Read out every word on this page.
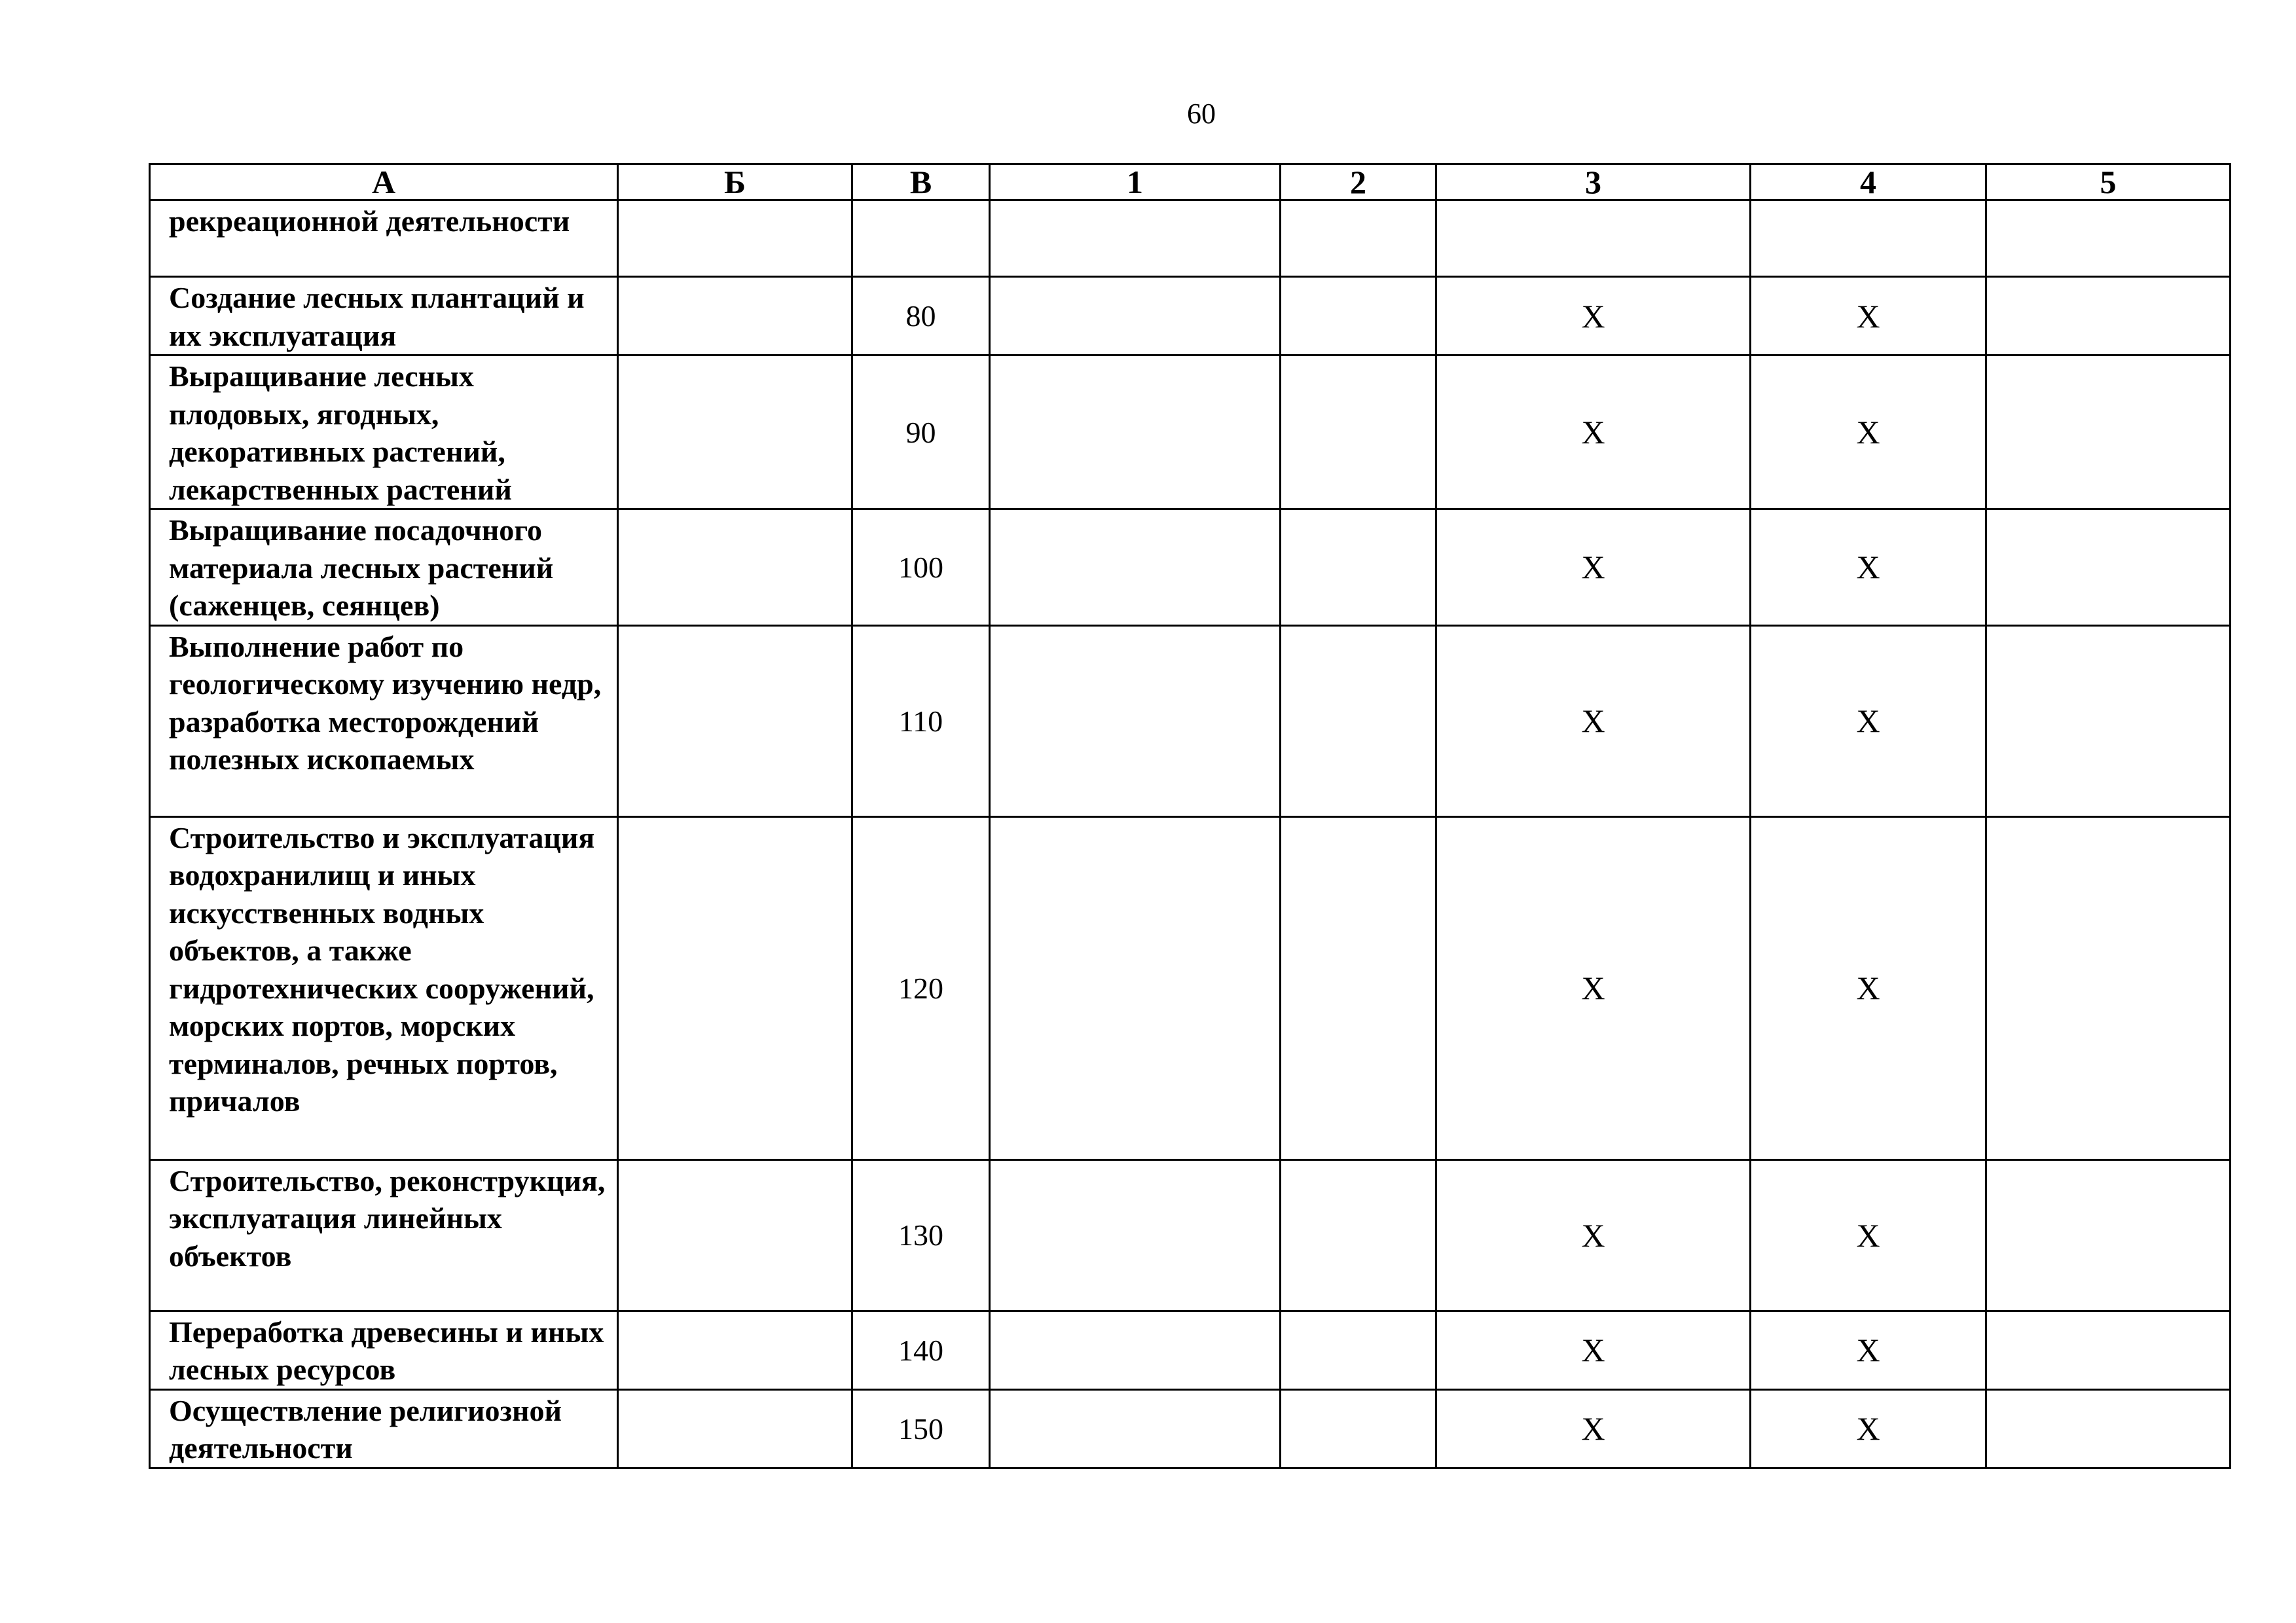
60
А	Б	В	1	2	3	4	5
рекреационной деятельности							
Создание лесных плантаций и их эксплуатация		80			Х	Х	
Выращивание лесных плодовых, ягодных, декоративных растений, лекарственных растений		90			Х	Х	
Выращивание посадочного материала лесных растений (саженцев, сеянцев)		100			Х	Х	
Выполнение работ по геологическому изучению недр, разработка месторождений полезных ископаемых		110			Х	Х	
Строительство и эксплуатация водохранилищ и иных искусственных водных объектов, а также гидротехнических сооружений, морских портов, морских терминалов, речных портов, причалов		120			Х	Х	
Строительство, реконструкция, эксплуатация линейных объектов		130			Х	Х	
Переработка древесины и иных лесных ресурсов		140			Х	Х	
Осуществление религиозной деятельности		150			Х	Х	
